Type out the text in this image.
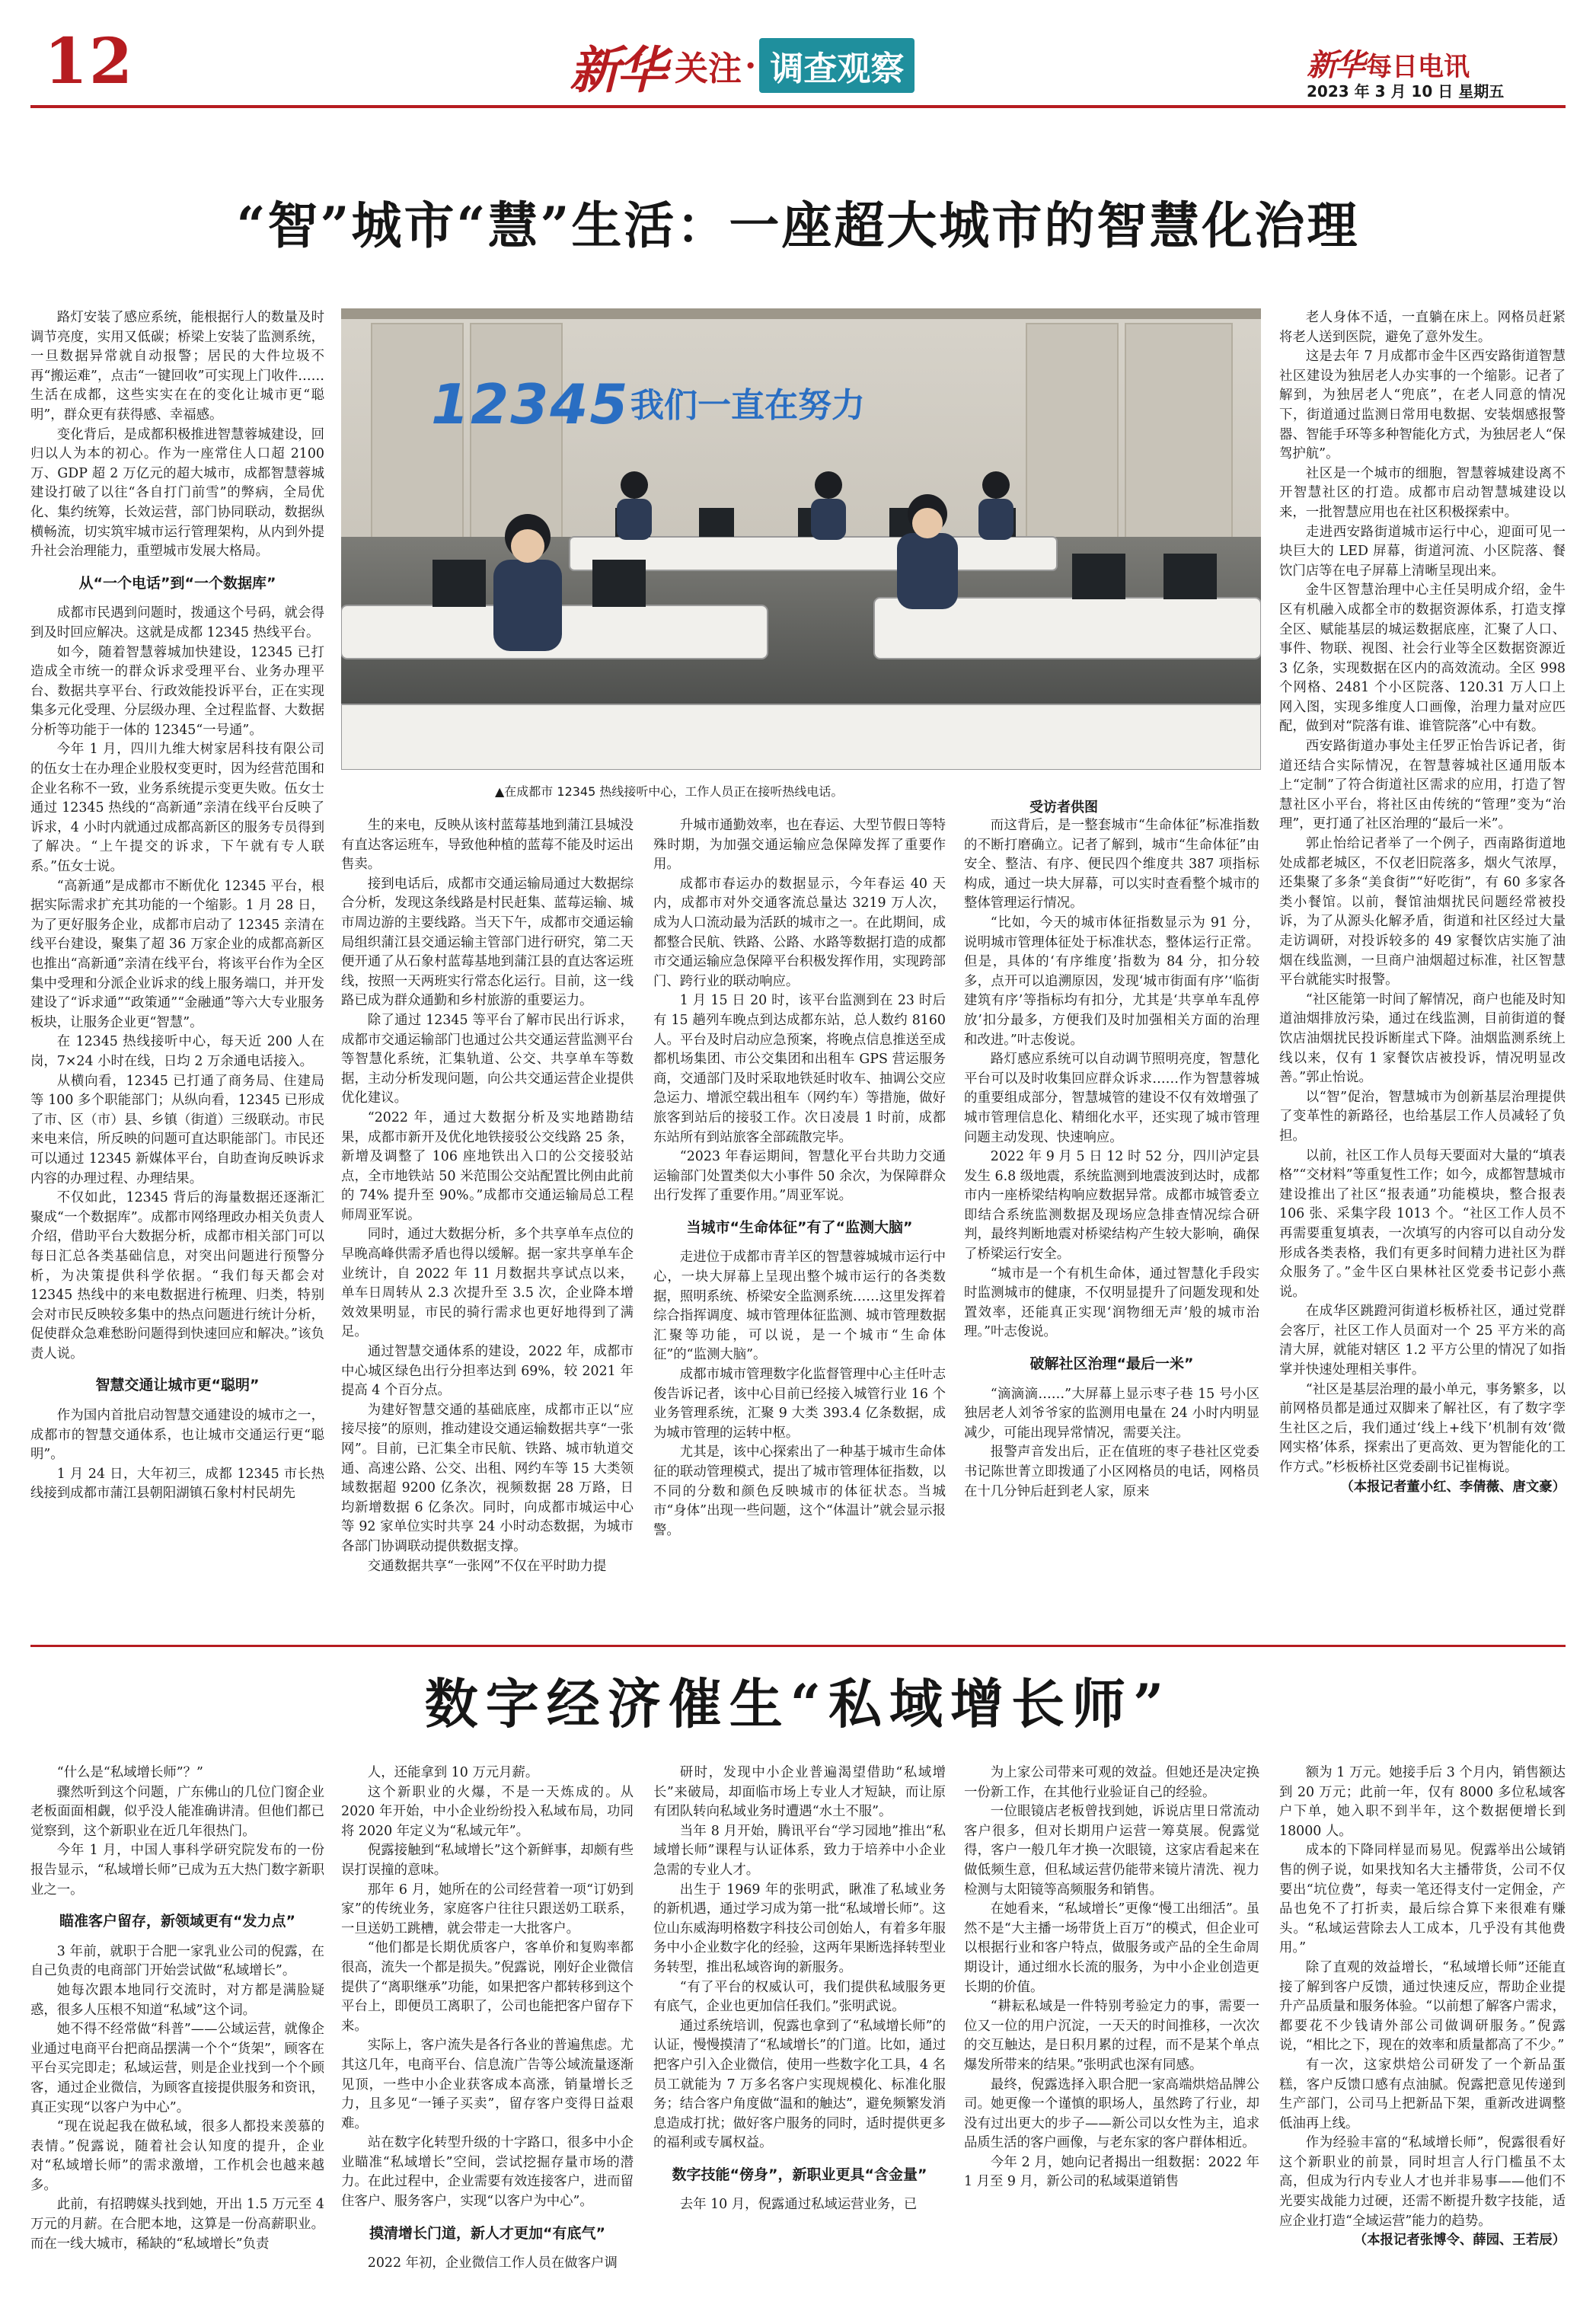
12	新华 关注 · 调查观察	新华 每日电讯
2023 年 3 月 10 日 星期五
“智”城市“慧”生活：一座超大城市的智慧化治理
12345 我们一直在努力
▲在成都市 12345 热线接听中心，工作人员正在接听热线电话。
受访者供图

路灯安装了感应系统，能根据行人的数量及时调节亮度，实用又低碳；桥梁上安装了监测系统，一旦数据异常就自动报警；居民的大件垃圾不再“搬运难”，点击“一键回收”可实现上门收件……生活在成都，这些实实在在的变化让城市更“聪明”，群众更有获得感、幸福感。

变化背后，是成都积极推进智慧蓉城建设，回归以人为本的初心。作为一座常住人口超 2100 万、GDP 超 2 万亿元的超大城市，成都智慧蓉城建设打破了以往“各自打门前雪”的弊病，全局优化、集约统筹，长效运营，部门协同联动，数据纵横畅流，切实筑牢城市运行管理架构，从内到外提升社会治理能力，重塑城市发展大格局。

从“一个电话”到“一个数据库”

成都市民遇到问题时，拨通这个号码，就会得到及时回应解决。这就是成都 12345 热线平台。

如今，随着智慧蓉城加快建设，12345 已打造成全市统一的群众诉求受理平台、业务办理平台、数据共享平台、行政效能投诉平台，正在实现集多元化受理、分层级办理、全过程监督、大数据分析等功能于一体的 12345“一号通”。

今年 1 月，四川九维大树家居科技有限公司的伍女士在办理企业股权变更时，因为经营范围和企业名称不一致，业务系统提示变更失败。伍女士通过 12345 热线的“高新通”亲清在线平台反映了诉求，4 小时内就通过成都高新区的服务专员得到了解决。“上午提交的诉求，下午就有专人联系。”伍女士说。

“高新通”是成都市不断优化 12345 平台，根据实际需求扩充其功能的一个缩影。1 月 28 日，为了更好服务企业，成都市启动了 12345 亲清在线平台建设，聚集了超 36 万家企业的成都高新区也推出“高新通”亲清在线平台，将该平台作为全区集中受理和分派企业诉求的线上服务端口，并开发建设了“诉求通”“政策通”“金融通”等六大专业服务板块，让服务企业更“智慧”。

在 12345 热线接听中心，每天近 200 人在岗，7×24 小时在线，日均 2 万余通电话接入。

从横向看，12345 已打通了商务局、住建局等 100 多个职能部门；从纵向看，12345 已形成了市、区（市）县、乡镇（街道）三级联动。市民来电来信，所反映的问题可直达职能部门。市民还可以通过 12345 新媒体平台，自助查询反映诉求内容的办理过程、办理结果。

不仅如此，12345 背后的海量数据还逐渐汇聚成“一个数据库”。成都市网络理政办相关负责人介绍，借助平台大数据分析，成都市相关部门可以每日汇总各类基础信息，对突出问题进行预警分析，为决策提供科学依据。“我们每天都会对 12345 热线中的来电数据进行梳理、归类，特别会对市民反映较多集中的热点问题进行统计分析，促使群众急难愁盼问题得到快速回应和解决。”该负责人说。

智慧交通让城市更“聪明”

作为国内首批启动智慧交通建设的城市之一，成都市的智慧交通体系，也让城市交通运行更“聪明”。

1 月 24 日，大年初三，成都 12345 市长热线接到成都市蒲江县朝阳湖镇石象村村民胡先

生的来电，反映从该村蓝莓基地到蒲江县城没有直达客运班车，导致他种植的蓝莓不能及时运出售卖。

接到电话后，成都市交通运输局通过大数据综合分析，发现这条线路是村民赶集、蓝莓运输、城市周边游的主要线路。当天下午，成都市交通运输局组织蒲江县交通运输主管部门进行研究，第二天便开通了从石象村蓝莓基地到蒲江县的直达客运班线，按照一天两班实行常态化运行。目前，这一线路已成为群众通勤和乡村旅游的重要运力。

除了通过 12345 等平台了解市民出行诉求，成都市交通运输部门也通过公共交通运营监测平台等智慧化系统，汇集轨道、公交、共享单车等数据，主动分析发现问题，向公共交通运营企业提供优化建议。

“2022 年，通过大数据分析及实地踏勘结果，成都市新开及优化地铁接驳公交线路 25 条，新增及调整了 106 座地铁出入口的公交接驳站点，全市地铁站 50 米范围公交站配置比例由此前的 74% 提升至 90%。”成都市交通运输局总工程师周亚军说。

同时，通过大数据分析，多个共享单车点位的早晚高峰供需矛盾也得以缓解。据一家共享单车企业统计，自 2022 年 11 月数据共享试点以来，单车日周转从 2.3 次提升至 3.5 次，企业降本增效效果明显，市民的骑行需求也更好地得到了满足。

通过智慧交通体系的建设，2022 年，成都市中心城区绿色出行分担率达到 69%，较 2021 年提高 4 个百分点。

为建好智慧交通的基础底座，成都市正以“应接尽接”的原则，推动建设交通运输数据共享“一张网”。目前，已汇集全市民航、铁路、城市轨道交通、高速公路、公交、出租、网约车等 15 大类领域数据超 9200 亿条次，视频数据 28 万路，日均新增数据 6 亿条次。同时，向成都市城运中心等 92 家单位实时共享 24 小时动态数据，为城市各部门协调联动提供数据支撑。

交通数据共享“一张网”不仅在平时助力提

升城市通勤效率，也在春运、大型节假日等特殊时期，为加强交通运输应急保障发挥了重要作用。

成都市春运办的数据显示，今年春运 40 天内，成都市对外交通客流总量达 3219 万人次，成为人口流动最为活跃的城市之一。在此期间，成都整合民航、铁路、公路、水路等数据打造的成都市交通运输应急保障平台积极发挥作用，实现跨部门、跨行业的联动响应。

1 月 15 日 20 时，该平台监测到在 23 时后有 15 趟列车晚点到达成都东站，总人数约 8160 人。平台及时启动应急预案，将晚点信息推送至成都机场集团、市公交集团和出租车 GPS 营运服务商，交通部门及时采取地铁延时收车、抽调公交应急运力、增派空载出租车（网约车）等措施，做好旅客到站后的接驳工作。次日凌晨 1 时前，成都东站所有到站旅客全部疏散完毕。

“2023 年春运期间，智慧化平台共助力交通运输部门处置类似大小事件 50 余次，为保障群众出行发挥了重要作用。”周亚军说。

当城市“生命体征”有了“监测大脑”

走进位于成都市青羊区的智慧蓉城城市运行中心，一块大屏幕上呈现出整个城市运行的各类数据，照明系统、桥梁安全监测系统……这里发挥着综合指挥调度、城市管理体征监测、城市管理数据汇聚等功能，可以说，是一个城市“生命体征”的“监测大脑”。

成都市城市管理数字化监督管理中心主任叶志俊告诉记者，该中心目前已经接入城管行业 16 个业务管理系统，汇聚 9 大类 393.4 亿条数据，成为城市管理的运转中枢。

尤其是，该中心探索出了一种基于城市生命体征的联动管理模式，提出了城市管理体征指数，以不同的分数和颜色反映城市的体征状态。当城市“身体”出现一些问题，这个“体温计”就会显示报警。

而这背后，是一整套城市“生命体征”标准指数的不断打磨确立。记者了解到，城市“生命体征”由安全、整洁、有序、便民四个维度共 387 项指标构成，通过一块大屏幕，可以实时查看整个城市的整体管理运行情况。

“比如，今天的城市体征指数显示为 91 分，说明城市管理体征处于标准状态，整体运行正常。但是，具体的‘有序维度’指数为 84 分，扣分较多，点开可以追溯原因，发现‘城市街面有序’‘临街建筑有序’等指标均有扣分，尤其是‘共享单车乱停放’扣分最多，方便我们及时加强相关方面的治理和改进。”叶志俊说。

路灯感应系统可以自动调节照明亮度，智慧化平台可以及时收集回应群众诉求……作为智慧蓉城的重要组成部分，智慧城管的建设不仅有效增强了城市管理信息化、精细化水平，还实现了城市管理问题主动发现、快速响应。

2022 年 9 月 5 日 12 时 52 分，四川泸定县发生 6.8 级地震，系统监测到地震波到达时，成都市内一座桥梁结构响应数据异常。成都市城管委立即结合系统监测数据及现场应急排查情况综合研判，最终判断地震对桥梁结构产生较大影响，确保了桥梁运行安全。

“城市是一个有机生命体，通过智慧化手段实时监测城市的健康，不仅明显提升了问题发现和处置效率，还能真正实现‘润物细无声’般的城市治理。”叶志俊说。

破解社区治理“最后一米”

“滴滴滴……”大屏幕上显示枣子巷 15 号小区独居老人刘爷爷家的监测用电量在 24 小时内明显减少，可能出现异常情况，需要关注。

报警声音发出后，正在值班的枣子巷社区党委书记陈世菁立即拨通了小区网格员的电话，网格员在十几分钟后赶到老人家，原来

老人身体不适，一直躺在床上。网格员赶紧将老人送到医院，避免了意外发生。

这是去年 7 月成都市金牛区西安路街道智慧社区建设为独居老人办实事的一个缩影。记者了解到，为独居老人“兜底”，在老人同意的情况下，街道通过监测日常用电数据、安装烟感报警器、智能手环等多种智能化方式，为独居老人“保驾护航”。

社区是一个城市的细胞，智慧蓉城建设离不开智慧社区的打造。成都市启动智慧城建设以来，一批智慧应用也在社区积极探索中。

走进西安路街道城市运行中心，迎面可见一块巨大的 LED 屏幕，街道河流、小区院落、餐饮门店等在电子屏幕上清晰呈现出来。

金牛区智慧治理中心主任吴明成介绍，金牛区有机融入成都全市的数据资源体系，打造支撑全区、赋能基层的城运数据底座，汇聚了人口、事件、物联、视图、社会行业等全区数据资源近 3 亿条，实现数据在区内的高效流动。全区 998 个网格、2481 个小区院落、120.31 万人口上网入图，实现多维度人口画像，治理力量对应匹配，做到对“院落有谁、谁管院落”心中有数。

西安路街道办事处主任罗正怡告诉记者，街道还结合实际情况，在智慧蓉城社区通用版本上“定制”了符合街道社区需求的应用，打造了智慧社区小平台，将社区由传统的“管理”变为“治理”，更打通了社区治理的“最后一米”。

郭止怡给记者举了一个例子，西南路街道地处成都老城区，不仅老旧院落多，烟火气浓厚，还集聚了多条“美食街”“好吃街”，有 60 多家各类小餐馆。以前，餐馆油烟扰民问题经常被投诉，为了从源头化解矛盾，街道和社区经过大量走访调研，对投诉较多的 49 家餐饮店实施了油烟在线监测，一旦商户油烟超过标准，社区智慧平台就能实时报警。

“社区能第一时间了解情况，商户也能及时知道油烟排放污染，通过在线监测，目前街道的餐饮店油烟扰民投诉断崖式下降。油烟监测系统上线以来，仅有 1 家餐饮店被投诉，情况明显改善。”郭止怡说。

以“智”促治，智慧城市为创新基层治理提供了变革性的新路径，也给基层工作人员减轻了负担。

以前，社区工作人员每天要面对大量的“填表格”“交材料”等重复性工作；如今，成都智慧城市建设推出了社区“报表通”功能模块，整合报表 106 张、采集字段 1013 个。“社区工作人员不再需要重复填表，一次填写的内容可以自动分发形成各类表格，我们有更多时间精力进社区为群众服务了。”金牛区白果林社区党委书记彭小燕说。

在成华区跳蹬河街道杉板桥社区，通过党群会客厅，社区工作人员面对一个 25 平方米的高清大屏，就能对辖区 1.2 平方公里的情况了如指掌并快速处理相关事件。

“社区是基层治理的最小单元，事务繁多，以前网格员都是通过双脚来了解社区，有了数字孪生社区之后，我们通过‘线上+线下’机制有效‘微网实格’体系，探索出了更高效、更为智能化的工作方式。”杉板桥社区党委副书记崔梅说。

（本报记者董小红、李倩薇、唐文豪）

数字经济催生“私域增长师”

“什么是“私域增长师”？”

骤然听到这个问题，广东佛山的几位门窗企业老板面面相觑，似乎没人能准确讲清。但他们都已觉察到，这个新职业在近几年很热门。

今年 1 月，中国人事科学研究院发布的一份报告显示，“私域增长师”已成为五大热门数字新职业之一。

瞄准客户留存，新领域更有“发力点”

3 年前，就职于合肥一家乳业公司的倪露，在自己负责的电商部门开始尝试做“私域增长”。

她每次跟本地同行交流时，对方都是满脸疑惑，很多人压根不知道“私域”这个词。

她不得不经常做“科普”——公域运营，就像企业通过电商平台把商品摆满一个个“货架”，顾客在平台买完即走；私域运营，则是企业找到一个个顾客，通过企业微信，为顾客直接提供服务和资讯，真正实现“以客户为中心”。

“现在说起我在做私域，很多人都投来羡慕的表情。”倪露说，随着社会认知度的提升，企业对“私域增长师”的需求激增，工作机会也越来越多。

此前，有招聘媒头找到她，开出 1.5 万元至 4 万元的月薪。在合肥本地，这算是一份高薪职业。而在一线大城市，稀缺的“私域增长”负责

人，还能拿到 10 万元月薪。

这个新职业的火爆，不是一天炼成的。从 2020 年开始，中小企业纷纷投入私域布局，功同将 2020 年定义为“私域元年”。

倪露接触到“私域增长”这个新鲜事，却颇有些误打误撞的意味。

那年 6 月，她所在的公司经营着一项“订奶到家”的传统业务，家庭客户往往只跟送奶工联系，一旦送奶工跳槽，就会带走一大批客户。

“他们都是长期优质客户，客单价和复购率都很高，流失一个都是损失。”倪露说，刚好企业微信提供了“离职继承”功能，如果把客户都转移到这个平台上，即便员工离职了，公司也能把客户留存下来。

实际上，客户流失是各行各业的普遍焦虑。尤其这几年，电商平台、信息流广告等公域流量逐渐见顶，一些中小企业获客成本高涨，销量增长乏力，且多见“一锤子买卖”，留存客户变得日益艰难。

站在数字化转型升级的十字路口，很多中小企业瞄准“私域增长”空间，尝试挖掘存量市场的潜力。在此过程中，企业需要有效连接客户，进而留住客户、服务客户，实现“以客户为中心”。

摸清增长门道，新人才更加“有底气”

2022 年初，企业微信工作人员在做客户调

研时，发现中小企业普遍渴望借助“私域增长”来破局，却面临市场上专业人才短缺，而让原有团队转向私域业务时遭遇“水土不服”。

当年 8 月开始，腾讯平台“学习园地”推出“私域增长师”课程与认证体系，致力于培养中小企业急需的专业人才。

出生于 1969 年的张明武，瞅准了私域业务的新机遇，通过学习成为第一批“私域增长师”。这位山东威海明格数字科技公司创始人，有着多年服务中小企业数字化的经验，这两年果断选择转型业务转型，推出私域咨询的新服务。

“有了平台的权威认可，我们提供私域服务更有底气，企业也更加信任我们。”张明武说。

通过系统培训，倪露也拿到了“私域增长师”的认证，慢慢摸清了“私域增长”的门道。比如，通过把客户引入企业微信，使用一些数字化工具，4 名员工就能为 7 万多名客户实现规模化、标准化服务；结合客户角度做“温和的触达”，避免频繁发消息造成打扰；做好客户服务的同时，适时提供更多的福利或专属权益。

数字技能“傍身”，新职业更具“含金量”

去年 10 月，倪露通过私域运营业务，已

为上家公司带来可观的效益。但她还是决定换一份新工作，在其他行业验证自己的经验。

一位眼镜店老板曾找到她，诉说店里日常流动客户很多，但对长期用户运营一筹莫展。倪露觉得，客户一般几年才换一次眼镜，这家店看起来在做低频生意，但私域运营仍能带来镜片清洗、视力检测与太阳镜等高频服务和销售。

在她看来，“私域增长”更像“慢工出细活”。虽然不是“大主播一场带货上百万”的模式，但企业可以根据行业和客户特点，做服务或产品的全生命周期设计，通过细水长流的服务，为中小企业创造更长期的价值。

“耕耘私域是一件特别考验定力的事，需要一位又一位的用户沉淀，一天天的时间推移，一次次的交互触达，是日积月累的过程，而不是某个单点爆发所带来的结果。”张明武也深有同感。

最终，倪露选择入职合肥一家高端烘焙品牌公司。她更像一个谨慎的职场人，虽然跨了行业，却没有过出更大的步子——新公司以女性为主，追求品质生活的客户画像，与老东家的客户群体相近。

今年 2 月，她向记者揭出一组数据：2022 年 1 月至 9 月，新公司的私域渠道销售

额为 1 万元。她接手后 3 个月内，销售额达到 20 万元；此前一年，仅有 8000 多位私域客户下单，她入职不到半年，这个数据便增长到 18000 人。

成本的下降同样显而易见。倪露举出公域销售的例子说，如果找知名大主播带货，公司不仅要出“坑位费”，每卖一笔还得支付一定佣金，产品也免不了打折卖，最后综合算下来很难有赚头。“私域运营除去人工成本，几乎没有其他费用。”

除了直观的效益增长，“私域增长师”还能直接了解到客户反馈，通过快速反应，帮助企业提升产品质量和服务体验。“以前想了解客户需求，都要花不少钱请外部公司做调研服务。”倪露说，“相比之下，现在的效率和质量都高了不少。”

有一次，这家烘焙公司研发了一个新品蛋糕，客户反馈口感有点油腻。倪露把意见传递到生产部门，公司马上把新品下架，重新改进调整低油再上线。

作为经验丰富的“私域增长师”，倪露很看好这个新职业的前景，同时坦言人行门槛虽不太高，但成为行内专业人才也并非易事——他们不光要实战能力过硬，还需不断提升数字技能，适应企业打造“全域运营”能力的趋势。

（本报记者张博令、薛园、王若辰）
